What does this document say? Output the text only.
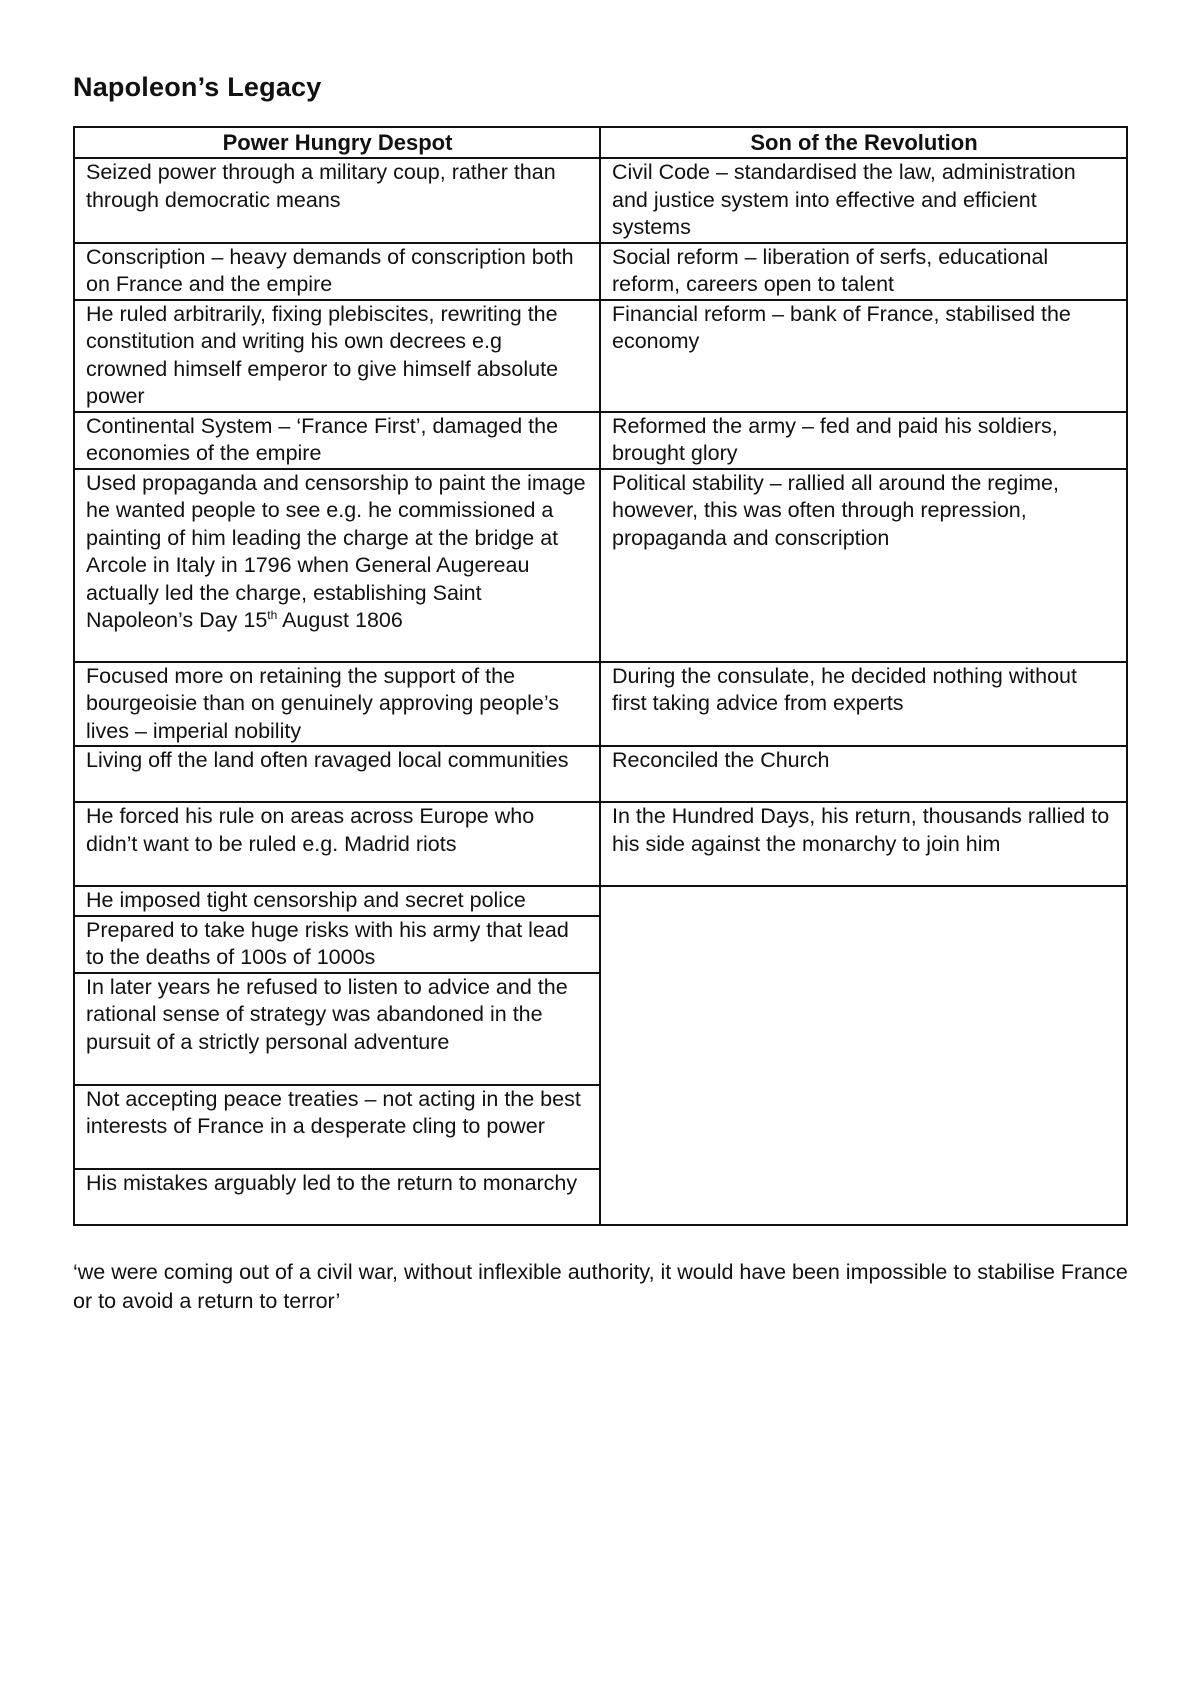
Napoleon’s Legacy
Power Hungry Despot	Son of the Revolution
Seized power through a military coup, rather than through democratic means	Civil Code – standardised the law, administration and justice system into effective and efficient systems
Conscription – heavy demands of conscription both on France and the empire	Social reform – liberation of serfs, educational reform, careers open to talent
He ruled arbitrarily, fixing plebiscites, rewriting the constitution and writing his own decrees e.g crowned himself emperor to give himself absolute power	Financial reform – bank of France, stabilised the economy
Continental System – ‘France First’, damaged the economies of the empire	Reformed the army – fed and paid his soldiers, brought glory
Used propaganda and censorship to paint the image he wanted people to see e.g. he commissioned a painting of him leading the charge at the bridge at Arcole in Italy in 1796 when General Augereau actually led the charge, establishing Saint Napoleon’s Day 15th August 1806	Political stability – rallied all around the regime, however, this was often through repression, propaganda and conscription
Focused more on retaining the support of the bourgeoisie than on genuinely approving people’s lives – imperial nobility	During the consulate, he decided nothing without first taking advice from experts
Living off the land often ravaged local communities	Reconciled the Church
He forced his rule on areas across Europe who didn’t want to be ruled e.g. Madrid riots	In the Hundred Days, his return, thousands rallied to his side against the monarchy to join him
He imposed tight censorship and secret police	
Prepared to take huge risks with his army that lead to the deaths of 100s of 1000s	
In later years he refused to listen to advice and the rational sense of strategy was abandoned in the pursuit of a strictly personal adventure	
Not accepting peace treaties – not acting in the best interests of France in a desperate cling to power	
His mistakes arguably led to the return to monarchy	

‘we were coming out of a civil war, without inflexible authority, it would have been impossible to stabilise France or to avoid a return to terror’
